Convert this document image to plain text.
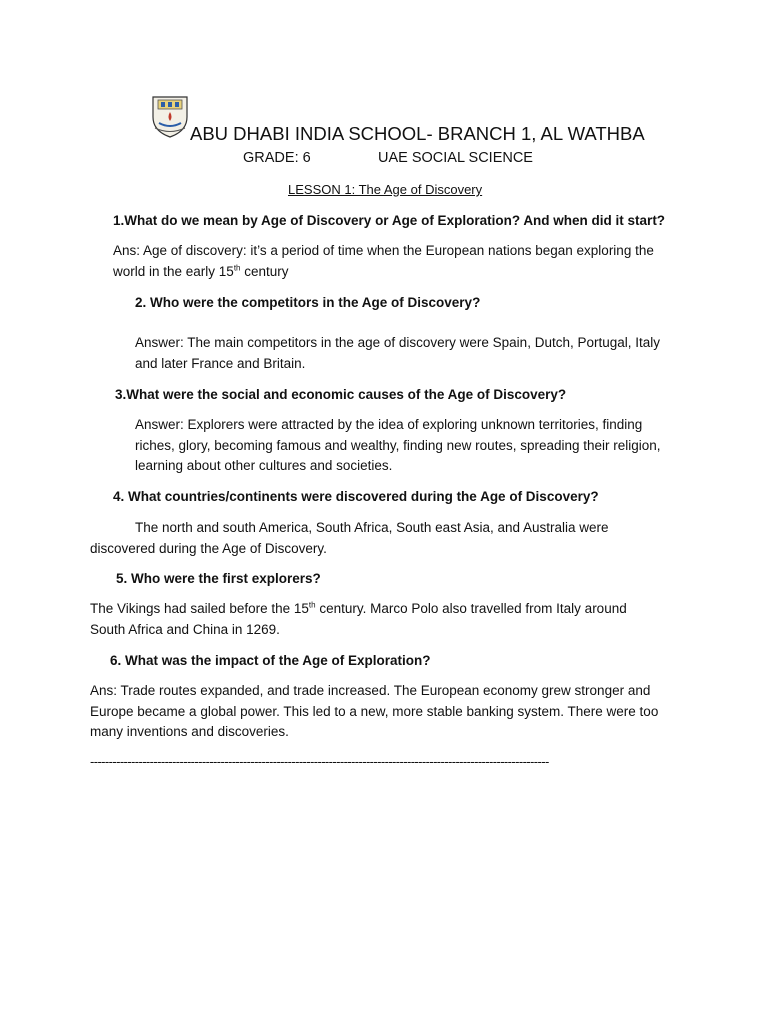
ABU DHABI INDIA SCHOOL- BRANCH 1, AL WATHBA
GRADE: 6	UAE SOCIAL SCIENCE
LESSON 1: The Age of Discovery
1.What do we mean by Age of Discovery or Age of Exploration? And when did it start?
Ans: Age of discovery: it’s a period of time when the European nations began exploring the world in the early 15th century
2. Who were the competitors in the Age of Discovery?
Answer: The main competitors in the age of discovery were Spain, Dutch, Portugal, Italy and later France and Britain.
3.What were the social and economic causes of the Age of Discovery?
Answer: Explorers were attracted by the idea of exploring unknown territories, finding riches, glory, becoming famous and wealthy, finding new routes, spreading their religion, learning about other cultures and societies.
4. What countries/continents were discovered during the Age of Discovery?
The north and south America, South Africa, South east Asia, and Australia were discovered during the Age of Discovery.
5. Who were the first explorers?
The Vikings had sailed before the 15th century. Marco Polo also travelled from Italy around South Africa and China in 1269.
6. What was the impact of the Age of Exploration?
Ans: Trade routes expanded, and trade increased. The European economy grew stronger and Europe became a global power. This led to a new, more stable banking system. There were too many inventions and discoveries.
---------------------------------------------------------------------------------------------------------------------------
